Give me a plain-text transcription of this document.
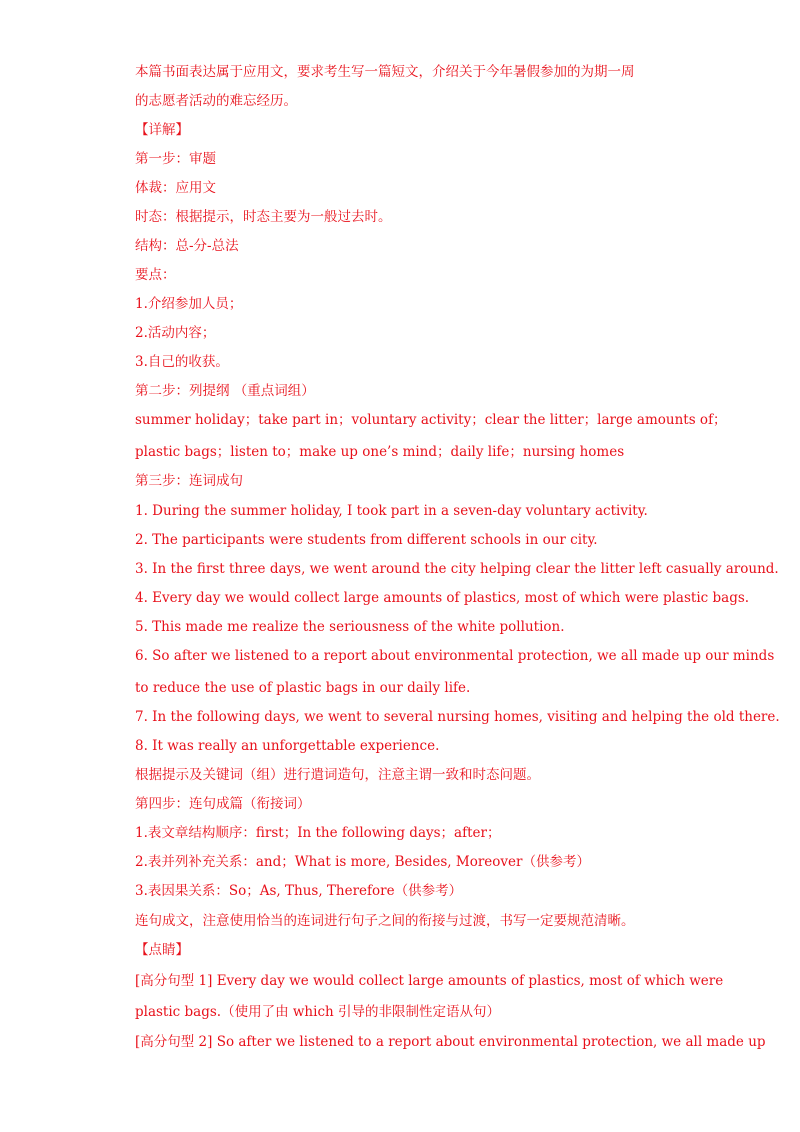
本篇书面表达属于应用文，要求考生写一篇短文，介绍关于今年暑假参加的为期一周
的志愿者活动的难忘经历。
【详解】
第一步：审题
体裁：应用文
时态：根据提示，时态主要为一般过去时。
结构：总-分-总法
要点：
1.介绍参加人员；
2.活动内容；
3.自己的收获。
第二步：列提纲 （重点词组）
summer holiday；take part in；voluntary activity；clear the litter；large amounts of；
plastic bags；listen to；make up one’s mind；daily life；nursing homes
第三步：连词成句
1. During the summer holiday, I took part in a seven-day voluntary activity.
2. The participants were students from different schools in our city.
3. In the first three days, we went around the city helping clear the litter left casually around.
4. Every day we would collect large amounts of plastics, most of which were plastic bags.
5. This made me realize the seriousness of the white pollution.
6. So after we listened to a report about environmental protection, we all made up our minds
to reduce the use of plastic bags in our daily life.
7. In the following days, we went to several nursing homes, visiting and helping the old there.
8. It was really an unforgettable experience.
根据提示及关键词（组）进行遣词造句，注意主谓一致和时态问题。
第四步：连句成篇（衔接词）
1.表文章结构顺序：first；In the following days；after；
2.表并列补充关系：and；What is more, Besides, Moreover（供参考）
3.表因果关系：So；As, Thus, Therefore（供参考）
连句成文，注意使用恰当的连词进行句子之间的衔接与过渡，书写一定要规范清晰。
【点睛】
[高分句型 1] Every day we would collect large amounts of plastics, most of which were
plastic bags.（使用了由 which 引导的非限制性定语从句）
[高分句型 2] So after we listened to a report about environmental protection, we all made up
